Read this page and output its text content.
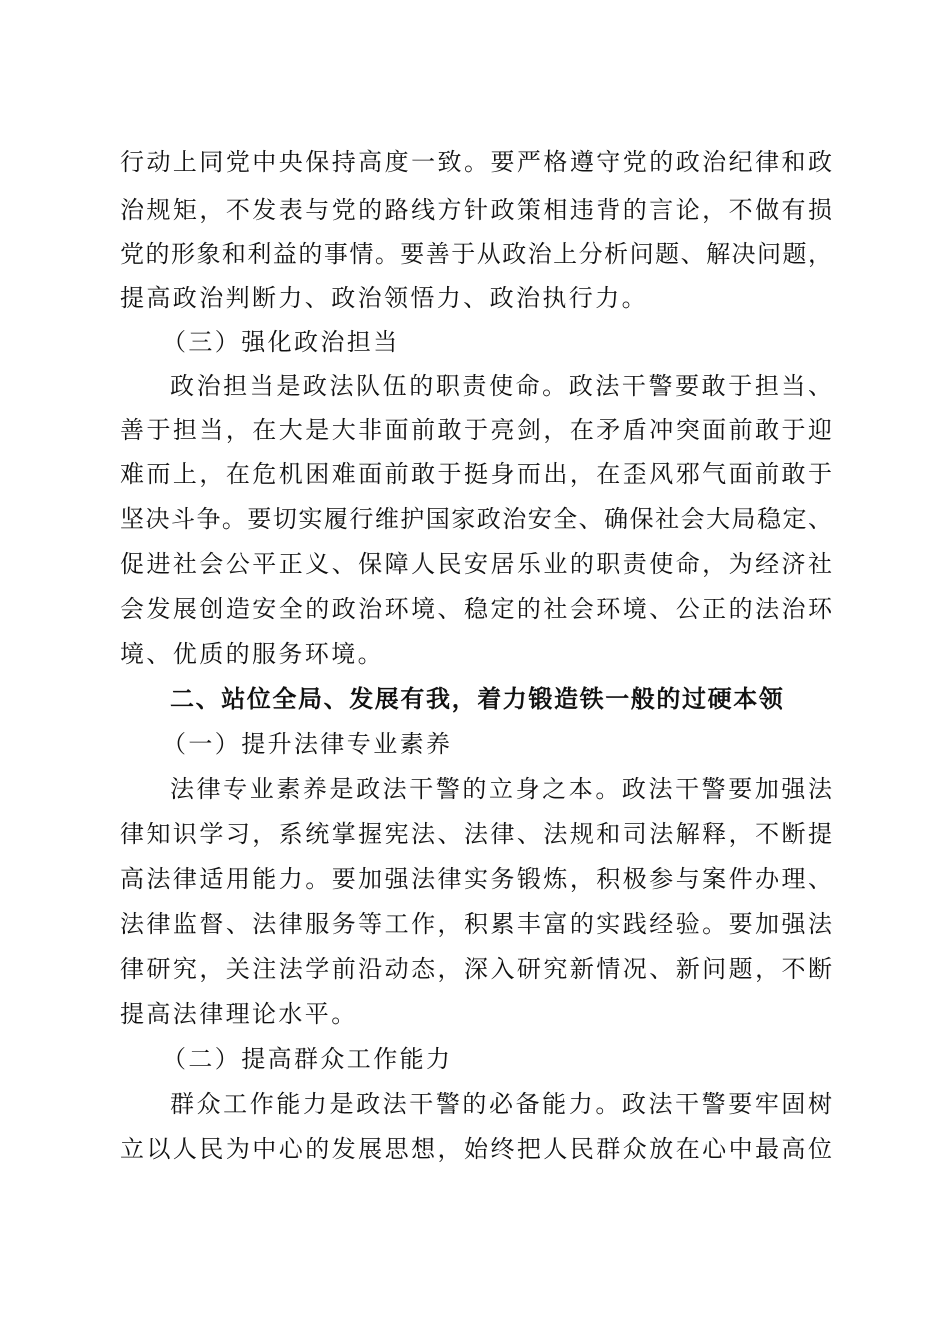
行动上同党中央保持高度一致。要严格遵守党的政治纪律和政
治规矩，不发表与党的路线方针政策相违背的言论，不做有损
党的形象和利益的事情。要善于从政治上分析问题、解决问题，
提高政治判断力、政治领悟力、政治执行力。
（三）强化政治担当
政治担当是政法队伍的职责使命。政法干警要敢于担当、
善于担当，在大是大非面前敢于亮剑，在矛盾冲突面前敢于迎
难而上，在危机困难面前敢于挺身而出，在歪风邪气面前敢于
坚决斗争。要切实履行维护国家政治安全、确保社会大局稳定、
促进社会公平正义、保障人民安居乐业的职责使命，为经济社
会发展创造安全的政治环境、稳定的社会环境、公正的法治环
境、优质的服务环境。
二、站位全局、发展有我，着力锻造铁一般的过硬本领
（一）提升法律专业素养
法律专业素养是政法干警的立身之本。政法干警要加强法
律知识学习，系统掌握宪法、法律、法规和司法解释，不断提
高法律适用能力。要加强法律实务锻炼，积极参与案件办理、
法律监督、法律服务等工作，积累丰富的实践经验。要加强法
律研究，关注法学前沿动态，深入研究新情况、新问题，不断
提高法律理论水平。
（二）提高群众工作能力
群众工作能力是政法干警的必备能力。政法干警要牢固树
立以人民为中心的发展思想，始终把人民群众放在心中最高位
